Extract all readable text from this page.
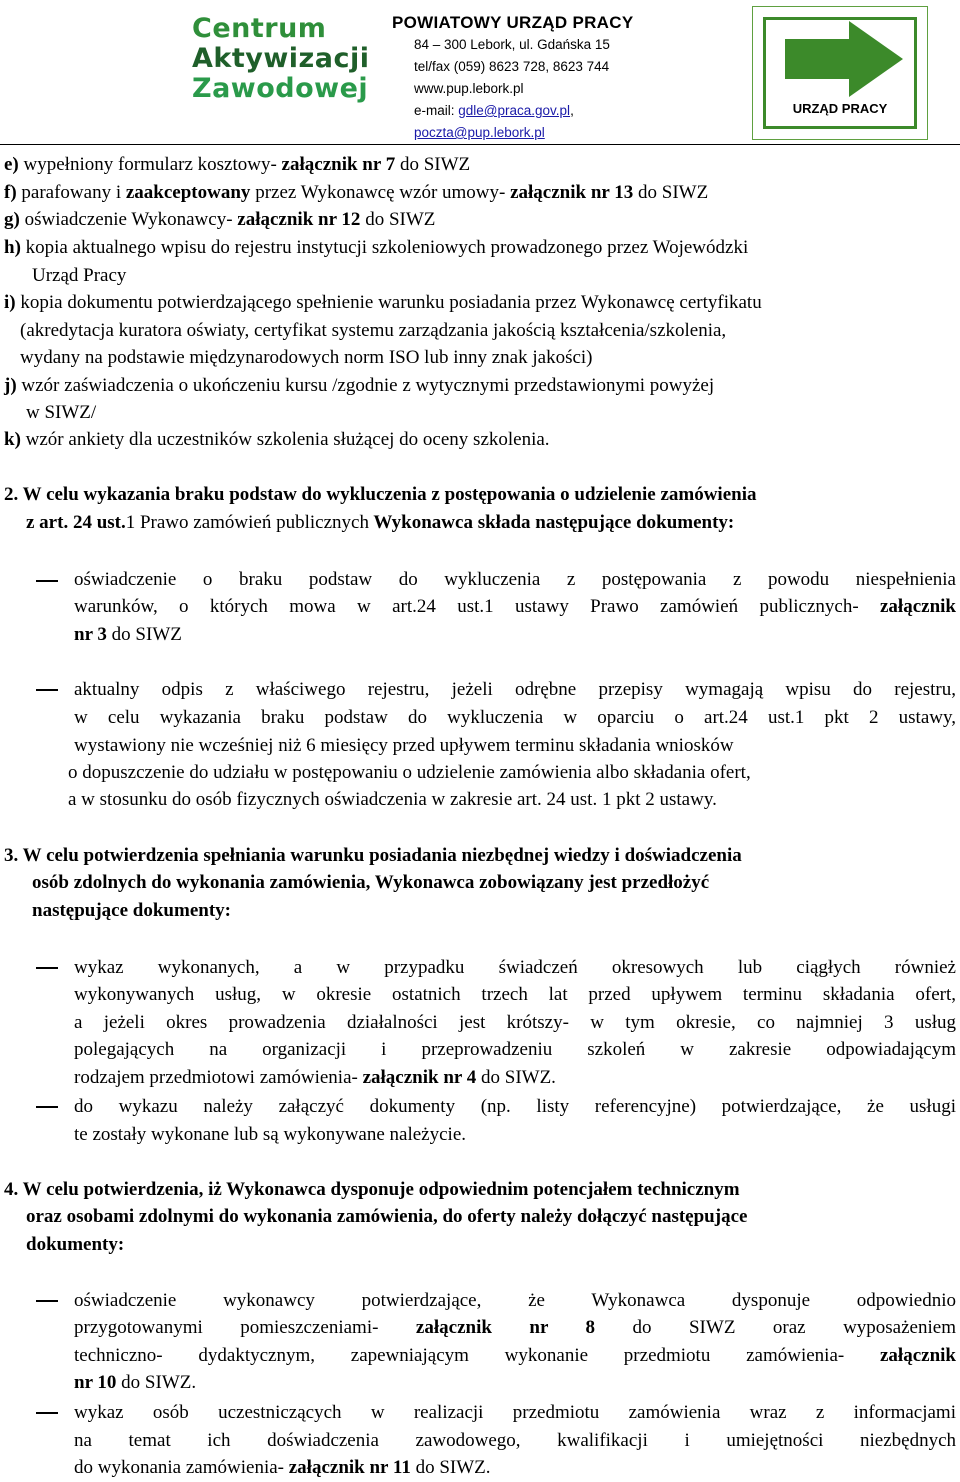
Centrum
Aktywizacji
Zawodowej
POWIATOWY URZĄD PRACY
84 – 300 Lebork, ul. Gdańska 15
tel/fax (059) 8623 728, 8623 744
www.pup.lebork.pl
e-mail: gdle@praca.gov.pl, poczta@pup.lebork.pl
URZĄD PRACY
e) wypełniony formularz kosztowy- załącznik nr 7 do SIWZ
f) parafowany i zaakceptowany przez Wykonawcę wzór umowy- załącznik nr 13 do SIWZ
g) oświadczenie Wykonawcy- załącznik nr 12 do SIWZ
h) kopia aktualnego wpisu do rejestru instytucji szkoleniowych prowadzonego przez Wojewódzki
Urząd Pracy
i) kopia dokumentu potwierdzającego spełnienie warunku posiadania przez Wykonawcę certyfikatu
(akredytacja kuratora oświaty, certyfikat systemu zarządzania jakością kształcenia/szkolenia,
wydany na podstawie międzynarodowych norm ISO lub inny znak jakości)
j) wzór zaświadczenia o ukończeniu kursu /zgodnie z wytycznymi przedstawionymi powyżej
w SIWZ/
k) wzór ankiety dla uczestników szkolenia służącej do oceny szkolenia.
2. W celu wykazania braku podstaw do wykluczenia z postępowania o udzielenie zamówienia
z art. 24 ust.1 Prawo zamówień publicznych Wykonawca składa następujące dokumenty:
oświadczenie o braku podstaw do wykluczenia z postępowania z powodu niespełnienia
warunków, o których mowa w art.24 ust.1 ustawy Prawo zamówień publicznych- załącznik
nr 3 do SIWZ
aktualny odpis z właściwego rejestru, jeżeli odrębne przepisy wymagają wpisu do rejestru,
w celu wykazania braku podstaw do wykluczenia w oparciu o art.24 ust.1 pkt 2 ustawy,
wystawiony nie wcześniej niż 6 miesięcy przed upływem terminu składania wniosków
o dopuszczenie do udziału w postępowaniu o udzielenie zamówienia albo składania ofert,
a w stosunku do osób fizycznych oświadczenia w zakresie art. 24 ust. 1 pkt 2 ustawy.
3. W celu potwierdzenia spełniania warunku posiadania niezbędnej wiedzy i doświadczenia
osób zdolnych do wykonania zamówienia, Wykonawca zobowiązany jest przedłożyć
następujące dokumenty:
wykaz wykonanych, a w przypadku świadczeń okresowych lub ciągłych również
wykonywanych usług, w okresie ostatnich trzech lat przed upływem terminu składania ofert,
a jeżeli okres prowadzenia działalności jest krótszy- w tym okresie, co najmniej 3 usług
polegających na organizacji i przeprowadzeniu szkoleń w zakresie odpowiadającym
rodzajem przedmiotowi zamówienia- załącznik nr 4 do SIWZ.
do wykazu należy załączyć dokumenty (np. listy referencyjne) potwierdzające, że usługi
te zostały wykonane lub są wykonywane należycie.
4. W celu potwierdzenia, iż Wykonawca dysponuje odpowiednim potencjałem technicznym
oraz osobami zdolnymi do wykonania zamówienia, do oferty należy dołączyć następujące
dokumenty:
oświadczenie wykonawcy potwierdzające, że Wykonawca dysponuje odpowiednio
przygotowanymi pomieszczeniami- załącznik nr 8 do SIWZ oraz wyposażeniem
techniczno- dydaktycznym, zapewniającym wykonanie przedmiotu zamówienia- załącznik
nr 10 do SIWZ.
wykaz osób uczestniczących w realizacji przedmiotu zamówienia wraz z informacjami
na temat ich doświadczenia zawodowego, kwalifikacji i umiejętności niezbędnych
do wykonania zamówienia- załącznik nr 11 do SIWZ.
